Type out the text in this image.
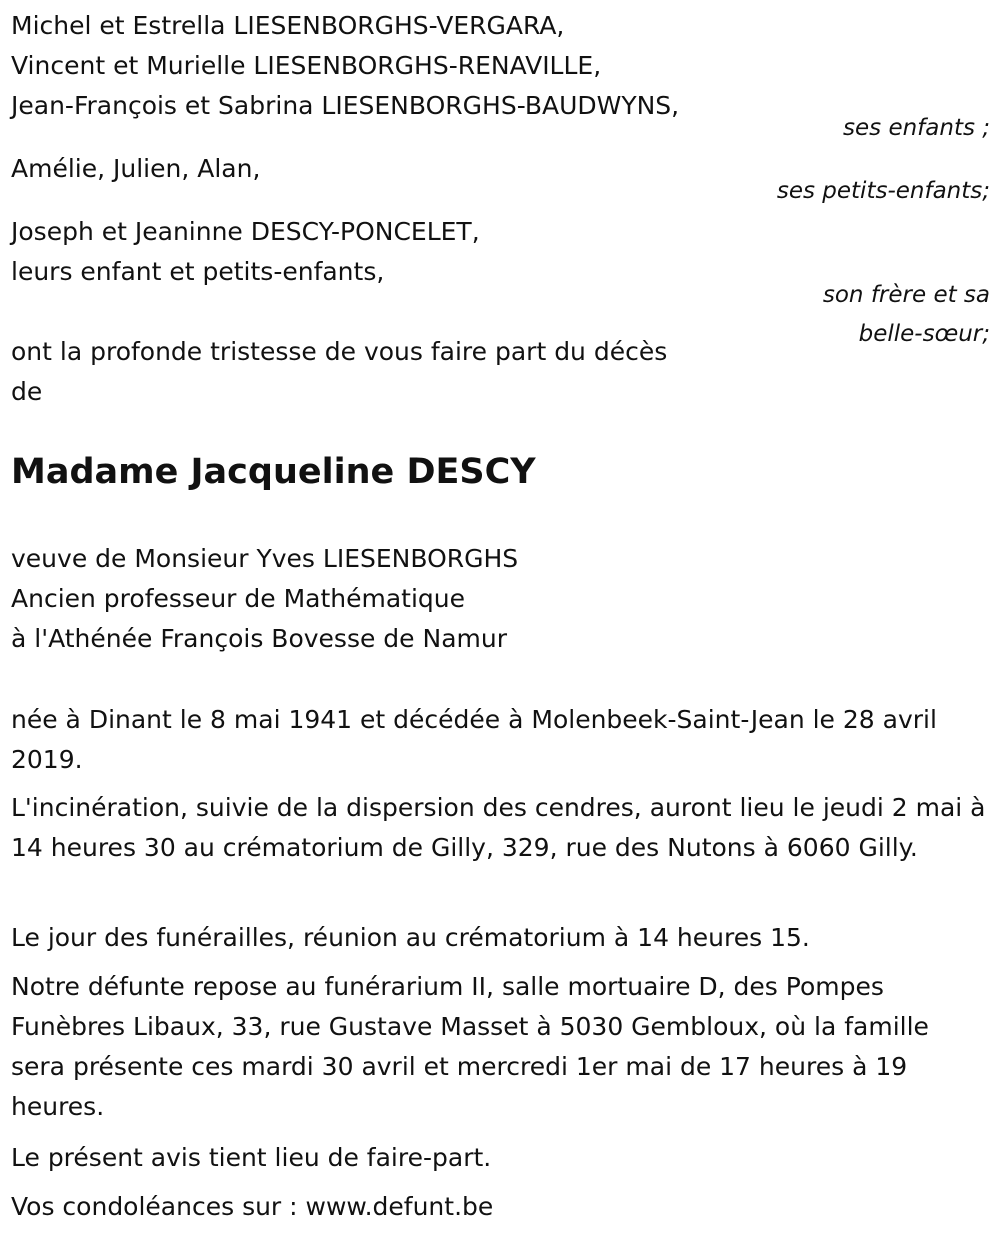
Michel et Estrella LIESENBORGHS-VERGARA,
Vincent et Murielle LIESENBORGHS-RENAVILLE,
Jean-François et Sabrina LIESENBORGHS-BAUDWYNS,
ses enfants ;
Amélie, Julien, Alan,
ses petits-enfants;
Joseph et Jeaninne DESCY-PONCELET,
leurs enfant et petits-enfants,
son frère et sa
belle-sœur;
ont la profonde tristesse de vous faire part du décès
de
Madame Jacqueline DESCY
veuve de Monsieur Yves LIESENBORGHS
Ancien professeur de Mathématique
à l'Athénée François Bovesse de Namur
née à Dinant le 8 mai 1941 et décédée à Molenbeek-Saint-Jean le 28 avril 2019.
L'incinération, suivie de la dispersion des cendres, auront lieu le jeudi 2 mai à 14 heures 30 au crématorium de Gilly, 329, rue des Nutons à 6060 Gilly.
Le jour des funérailles, réunion au crématorium à 14 heures 15.
Notre défunte repose au funérarium II, salle mortuaire D, des Pompes Funèbres Libaux, 33, rue Gustave Masset à 5030 Gembloux, où la famille sera présente ces mardi 30 avril et mercredi 1er mai de 17 heures à 19 heures.
Le présent avis tient lieu de faire-part.
Vos condoléances sur : www.defunt.be
